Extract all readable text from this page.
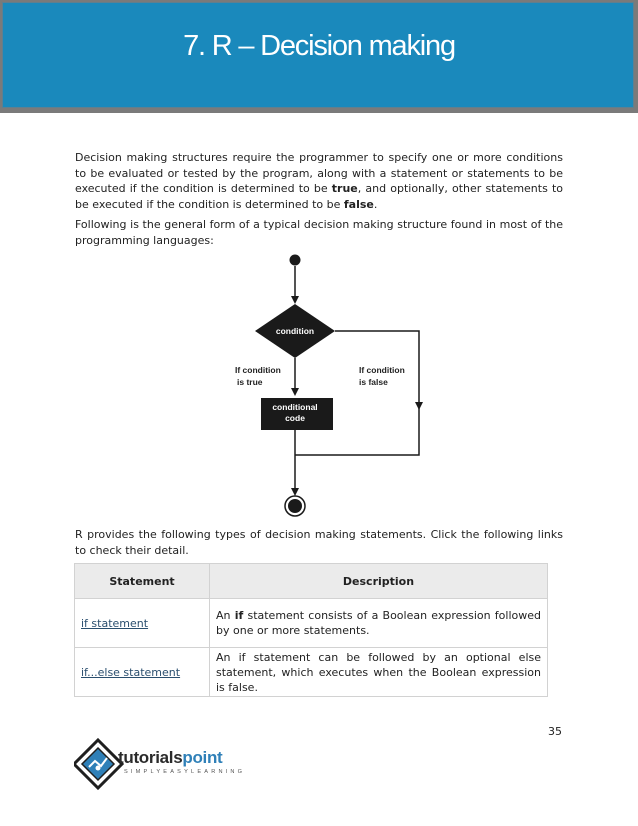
7. R – Decision making

Decision making structures require the programmer to specify one or more conditions to be evaluated or tested by the program, along with a statement or statements to be executed if the condition is determined to be true, and optionally, other statements to be executed if the condition is determined to be false.

Following is the general form of a typical decision making structure found in most of the programming languages:

condition
If condition
is true
conditional
code
If condition
is false

R provides the following types of decision making statements. Click the following links to check their detail.

Statement	Description
if statement	An if statement consists of a Boolean expression followed by one or more statements.
if...else statement	An if statement can be followed by an optional else statement, which executes when the Boolean expression is false.
35

tutorialspoint

SIMPLYEASYLEARNING
